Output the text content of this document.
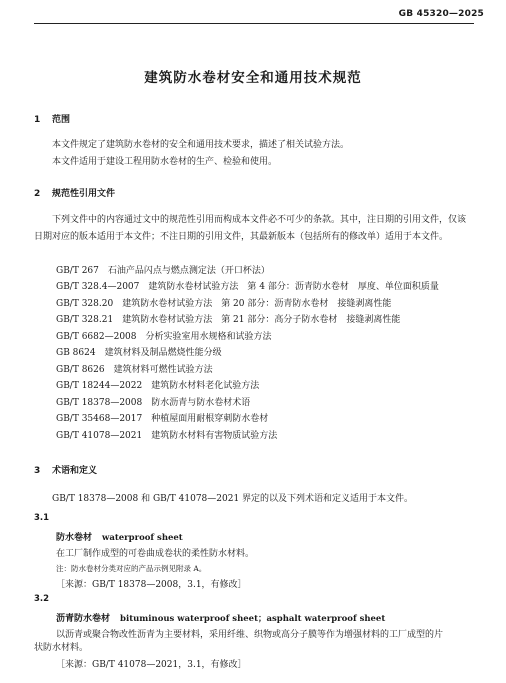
GB 45320—2025
建筑防水卷材安全和通用技术规范
1 范围
本文件规定了建筑防水卷材的安全和通用技术要求，描述了相关试验方法。
本文件适用于建设工程用防水卷材的生产、检验和使用。
2 规范性引用文件
下列文件中的内容通过文中的规范性引用而构成本文件必不可少的条款。其中，注日期的引用文件，仅该日期对应的版本适用于本文件；不注日期的引用文件，其最新版本（包括所有的修改单）适用于本文件。
GB/T 267　石油产品闪点与燃点测定法（开口杯法）
GB/T 328.4—2007　建筑防水卷材试验方法　第 4 部分：沥青防水卷材　厚度、单位面积质量
GB/T 328.20　建筑防水卷材试验方法　第 20 部分：沥青防水卷材　接缝剥离性能
GB/T 328.21　建筑防水卷材试验方法　第 21 部分：高分子防水卷材　接缝剥离性能
GB/T 6682—2008　分析实验室用水规格和试验方法
GB 8624　建筑材料及制品燃烧性能分级
GB/T 8626　建筑材料可燃性试验方法
GB/T 18244—2022　建筑防水材料老化试验方法
GB/T 18378—2008　防水沥青与防水卷材术语
GB/T 35468—2017　种植屋面用耐根穿刺防水卷材
GB/T 41078—2021　建筑防水材料有害物质试验方法
3 术语和定义
GB/T 18378—2008 和 GB/T 41078—2021 界定的以及下列术语和定义适用于本文件。
3.1
防水卷材 waterproof sheet
在工厂制作成型的可卷曲成卷状的柔性防水材料。
注：防水卷材分类对应的产品示例见附录 A。
［来源：GB/T 18378—2008，3.1，有修改］
3.2
沥青防水卷材 bituminous waterproof sheet；asphalt waterproof sheet
以沥青或聚合物改性沥青为主要材料，采用纤维、织物或高分子膜等作为增强材料的工厂成型的片
状防水材料。
［来源：GB/T 41078—2021，3.1，有修改］
